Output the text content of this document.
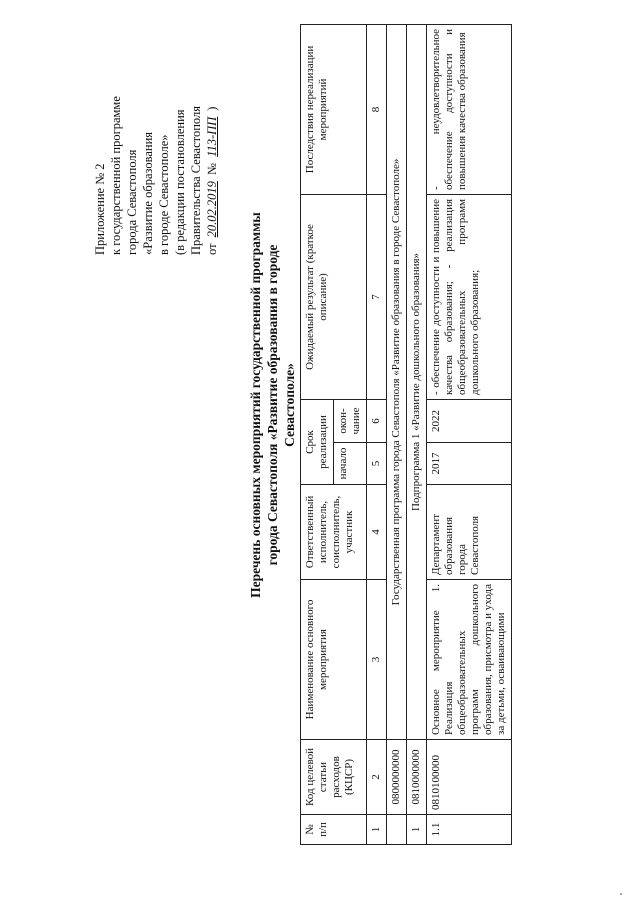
Приложение № 2 к государственной программе города Севастополя «Развитие образования в городе Севастополе» (в редакции постановления Правительства Севастополя от 20.02.2019 № 113-ПП )
Перечень основных мероприятий государственной программы города Севастополя «Развитие образования в городе Севастополе»
№ п/п	Код целевой статьи расходов (КЦСР)	Наименование основного мероприятия	Ответственный исполнитель, соисполнитель, участник	Срок реализации		Ожидаемый результат (краткое описание)	Последствия нереализации мероприятий
				начало	окон-чание		
1	2	3	4	5	6	7	8
	0800000000	Государственная программа города Севастополя «Развитие образования в городе Севастополе»					
1	0810000000	Подпрограмма 1 «Развитие дошкольного образования»					
1.1	0810100000	Основное мероприятие 1. Реализация общеобразовательных программ дошкольного образования, присмотра и ухода за детьми, осваивающими	Департамент образования города Севастополя	2017	2022	- обеспечение доступности и повышение качества образования; - реализация общеобразовательных программ дошкольного образования;	- неудовлетворительное обеспечение доступности и повышения качества образования
